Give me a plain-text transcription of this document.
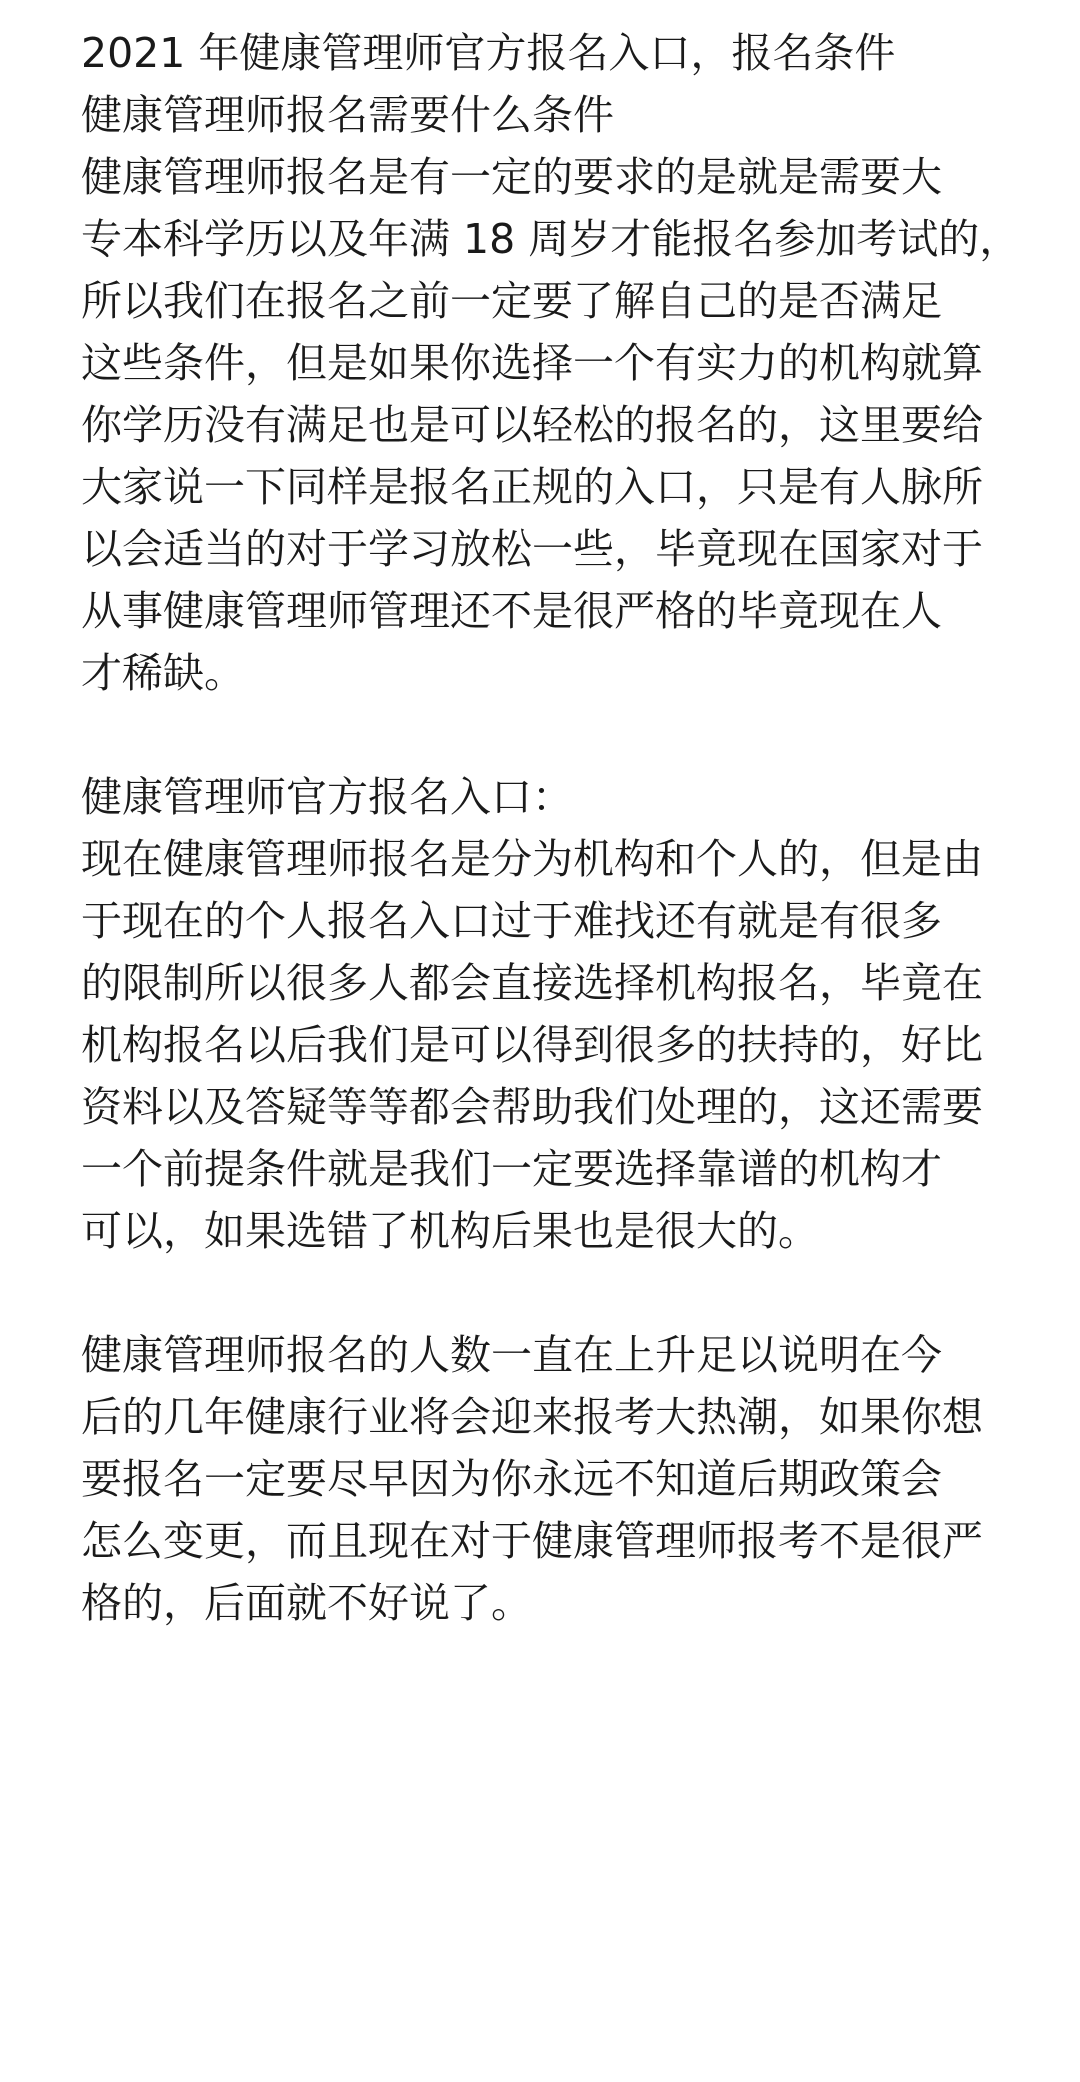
2021 年健康管理师官方报名入口，报名条件
健康管理师报名需要什么条件
健康管理师报名是有一定的要求的是就是需要大
专本科学历以及年满 18 周岁才能报名参加考试的，
所以我们在报名之前一定要了解自己的是否满足
这些条件，但是如果你选择一个有实力的机构就算
你学历没有满足也是可以轻松的报名的，这里要给
大家说一下同样是报名正规的入口，只是有人脉所
以会适当的对于学习放松一些，毕竟现在国家对于
从事健康管理师管理还不是很严格的毕竟现在人
才稀缺。
健康管理师官方报名入口：
现在健康管理师报名是分为机构和个人的，但是由
于现在的个人报名入口过于难找还有就是有很多
的限制所以很多人都会直接选择机构报名，毕竟在
机构报名以后我们是可以得到很多的扶持的，好比
资料以及答疑等等都会帮助我们处理的，这还需要
一个前提条件就是我们一定要选择靠谱的机构才
可以，如果选错了机构后果也是很大的。
健康管理师报名的人数一直在上升足以说明在今
后的几年健康行业将会迎来报考大热潮，如果你想
要报名一定要尽早因为你永远不知道后期政策会
怎么变更，而且现在对于健康管理师报考不是很严
格的，后面就不好说了。
